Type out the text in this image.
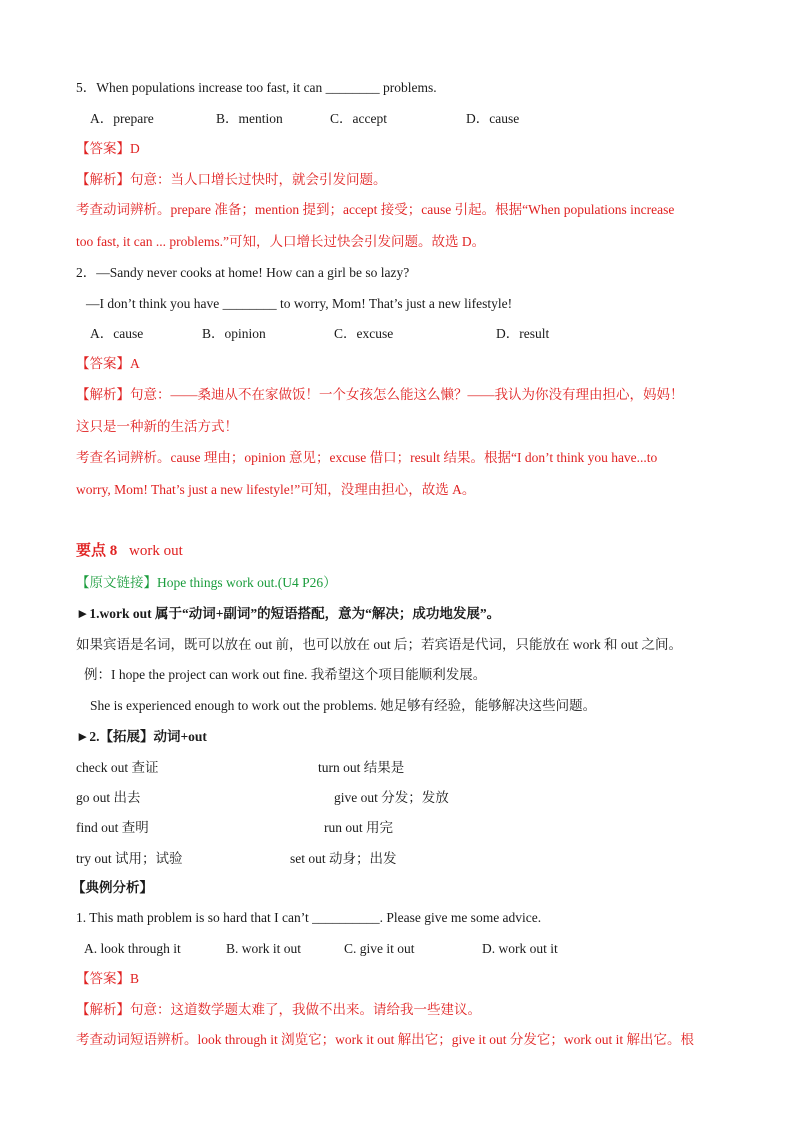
5．When populations increase too fast, it can ________ problems.
A．prepare	B．mention	C．accept	D．cause
【答案】D
【解析】句意：当人口增长过快时，就会引发问题。
考查动词辨析。prepare 准备；mention 提到；accept 接受；cause 引起。根据“When populations increase
too fast, it can ... problems.”可知，人口增长过快会引发问题。故选 D。
2．—Sandy never cooks at home! How can a girl be so lazy?
—I don’t think you have ________ to worry, Mom! That’s just a new lifestyle!
A．cause	B．opinion	C．excuse	D．result
【答案】A
【解析】句意：——桑迪从不在家做饭！一个女孩怎么能这么懒？——我认为你没有理由担心，妈妈！
这只是一种新的生活方式！
考查名词辨析。cause 理由；opinion 意见；excuse 借口；result 结果。根据“I don’t think you have...to
worry, Mom! That’s just a new lifestyle!”可知，没理由担心，故选 A。
要点 8 work out
【原文链接】Hope things work out.(U4 P26）
►1.work out 属于“动词+副词”的短语搭配，意为“解决；成功地发展”。
如果宾语是名词，既可以放在 out 前，也可以放在 out 后；若宾语是代词，只能放在 work 和 out 之间。
例：I hope the project can work out fine. 我希望这个项目能顺利发展。
She is experienced enough to work out the problems. 她足够有经验，能够解决这些问题。
►2.【拓展】动词+out
check out 查证	turn out 结果是
go out 出去	give out 分发；发放
find out 查明	run out 用完
try out 试用；试验	set out 动身；出发
【典例分析】
1. This math problem is so hard that I can’t __________. Please give me some advice.
A. look through it	B. work it out	C. give it out	D. work out it
【答案】B
【解析】句意：这道数学题太难了，我做不出来。请给我一些建议。
考查动词短语辨析。look through it 浏览它；work it out 解出它；give it out 分发它；work out it 解出它。根
